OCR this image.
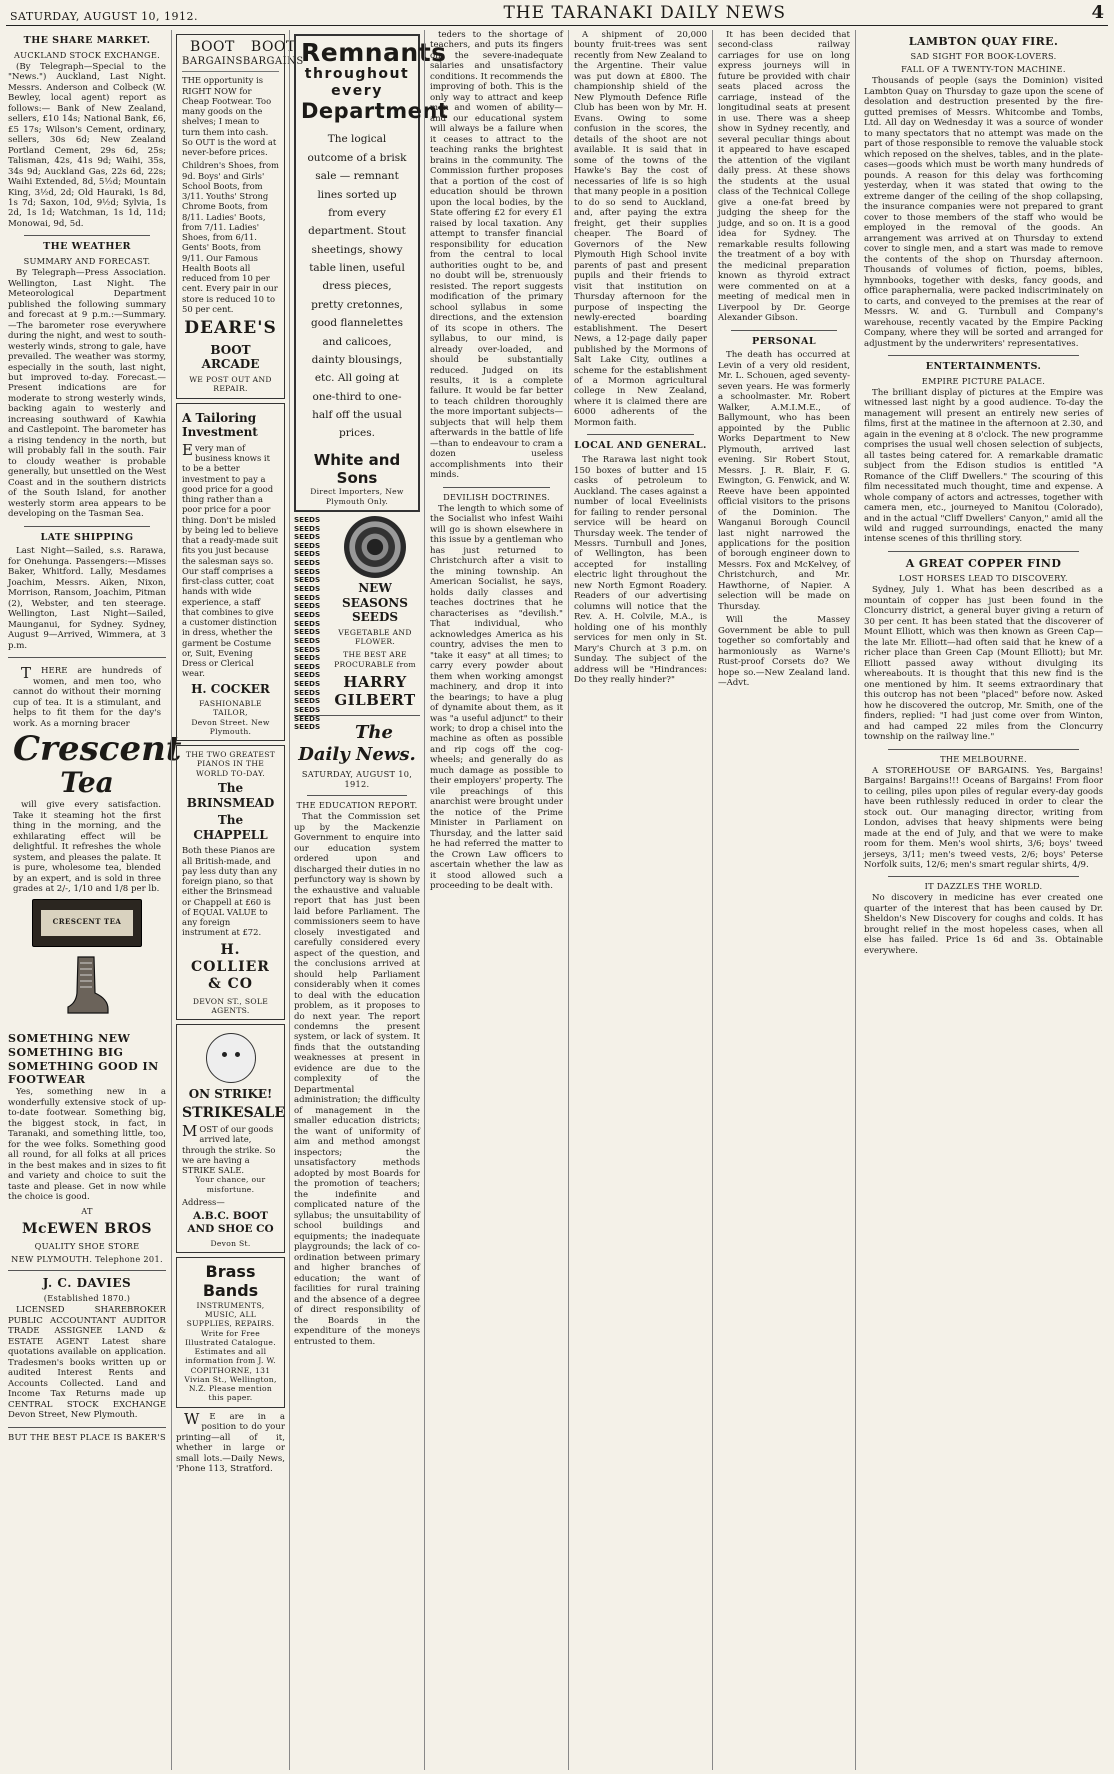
SATURDAY, AUGUST 10, 1912.	THE TARANAKI DAILY NEWS	4
THE SHARE MARKET.
AUCKLAND STOCK EXCHANGE.

(By Telegraph—Special to the "News.") Auckland, Last Night. Messrs. Anderson and Colbeck (W. Bewley, local agent) report as follows:— Bank of New Zealand, sellers, £10 14s; National Bank, £6, £5 17s; Wilson's Cement, ordinary, sellers, 30s 6d; New Zealand Portland Cement, 29s 6d, 25s; Talisman, 42s, 41s 9d; Waihi, 35s, 34s 9d; Auckland Gas, 22s 6d, 22s; Waihi Extended, 8d, 5½d; Mountain King, 3½d, 2d; Old Hauraki, 1s 8d, 1s 7d; Saxon, 10d, 9½d; Sylvia, 1s 2d, 1s 1d; Watchman, 1s 1d, 11d; Monowai, 9d, 5d.

THE WEATHER
SUMMARY AND FORECAST.

By Telegraph—Press Association. Wellington, Last Night. The Meteorological Department published the following summary and forecast at 9 p.m.:—Summary.—The barometer rose everywhere during the night, and west to south-westerly winds, strong to gale, have prevailed. The weather was stormy, especially in the south, last night, but improved to-day. Forecast.—Present indications are for moderate to strong westerly winds, backing again to westerly and increasing southward of Kawhia and Castlepoint. The barometer has a rising tendency in the north, but will probably fall in the south. Fair to cloudy weather is probable generally, but unsettled on the West Coast and in the southern districts of the South Island, for another westerly storm area appears to be developing on the Tasman Sea.

LATE SHIPPING

Last Night—Sailed, s.s. Rarawa, for Onehunga. Passengers:—Misses Baker, Whitford. Lally, Mesdames Joachim, Messrs. Aiken, Nixon, Morrison, Ransom, Joachim, Pitman (2), Webster, and ten steerage. Wellington, Last Night—Sailed, Maunganui, for Sydney. Sydney, August 9—Arrived, Wimmera, at 3 p.m.

THERE are hundreds of women, and men too, who cannot do without their morning cup of tea. It is a stimulant, and helps to fit them for the day's work. As a morning bracer

Crescent
Tea

will give every satisfaction. Take it steaming hot the first thing in the morning, and the exhilarating effect will be delightful. It refreshes the whole system, and pleases the palate. It is pure, wholesome tea, blended by an expert, and is sold in three grades at 2/-, 1/10 and 1/8 per lb.

CRESCENT TEA
SOMETHING NEW SOMETHING BIG SOMETHING GOOD IN FOOTWEAR

Yes, something new in a wonderfully extensive stock of up-to-date footwear. Something big, the biggest stock, in fact, in Taranaki, and something little, too, for the wee folks. Something good all round, for all folks at all prices in the best makes and in sizes to fit and variety and choice to suit the taste and please. Get in now while the choice is good.

AT
McEWEN BROS
QUALITY SHOE STORE
NEW PLYMOUTH. Telephone 201.
J. C. DAVIES
(Established 1870.)

LICENSED SHAREBROKER PUBLIC ACCOUNTANT AUDITOR TRADE ASSIGNEE LAND & ESTATE AGENT Latest share quotations available on application. Tradesmen's books written up or audited Interest Rents and Accounts Collected. Land and Income Tax Returns made up CENTRAL STOCK EXCHANGE Devon Street, New Plymouth.

BUT THE BEST PLACE IS BAKER'S
BOOT
BARGAINS
BOOT
BARGAINS

THE opportunity is RIGHT NOW for Cheap Footwear. Too many goods on the shelves; I mean to turn them into cash. So OUT is the word at never-before prices.

Children's Shoes, from 9d. Boys' and Girls' School Boots, from 3/11. Youths' Strong Chrome Boots, from 8/11. Ladies' Boots, from 7/11. Ladies' Shoes, from 6/11. Gents' Boots, from 9/11. Our Famous Health Boots all reduced from 10 per cent. Every pair in our store is reduced 10 to 50 per cent.

DEARE'S
BOOT ARCADE
WE POST OUT AND REPAIR.
A Tailoring Investment

Every man of business knows it to be a better investment to pay a good price for a good thing rather than a poor price for a poor thing. Don't be misled by being led to believe that a ready-made suit fits you just because the salesman says so. Our staff comprises a first-class cutter, coat hands with wide experience, a staff that combines to give a customer distinction in dress, whether the garment be Costume or, Suit, Evening Dress or Clerical wear.

H. COCKER
FASHIONABLE TAILOR,
Devon Street. New Plymouth.
THE TWO GREATEST PIANOS IN THE WORLD TO-DAY.
The BRINSMEAD
The CHAPPELL

Both these Pianos are all British-made, and pay less duty than any foreign piano, so that either the Brinsmead or Chappell at £60 is of EQUAL VALUE to any foreign instrument at £72.

H. COLLIER & CO
DEVON ST., SOLE AGENTS.
ON STRIKE!
STRIKE SALE

MOST of our goods arrived late, through the strike. So we are having a STRIKE SALE.

Your chance, our misfortune.
Address—
A.B.C. BOOT AND SHOE CO
Devon St.
Brass Bands
INSTRUMENTS, MUSIC, ALL SUPPLIES, REPAIRS. Write for Free Illustrated Catalogue. Estimates and all information from J. W. COPITHORNE, 131 Vivian St., Wellington, N.Z. Please mention this paper.

WE are in a position to do your printing—all of it, whether in large or small lots.—Daily News, 'Phone 113, Stratford.

Remnants
throughout every
Department

The logical outcome of a brisk sale — remnant lines sorted up from every department. Stout sheetings, showy table linen, useful dress pieces, pretty cretonnes, good flannelettes and calicoes, dainty blousings, etc. All going at one-third to one-half off the usual prices.

White and Sons
Direct Importers, New Plymouth Only.
SEEDS
SEEDS
SEEDS
SEEDS
SEEDS
SEEDS
SEEDS
SEEDS
SEEDS
SEEDS
SEEDS
SEEDS
SEEDS
SEEDS
SEEDS
SEEDS
SEEDS
SEEDS
SEEDS
SEEDS
SEEDS
SEEDS
SEEDS
SEEDS
SEEDS
NEW SEASONS SEEDS
VEGETABLE AND FLOWER.
THE BEST ARE PROCURABLE from
HARRY GILBERT
The Daily News.
SATURDAY, AUGUST 10, 1912.
THE EDUCATION REPORT.

That the Commission set up by the Mackenzie Government to enquire into our education system ordered upon and discharged their duties in no perfunctory way is shown by the exhaustive and valuable report that has just been laid before Parliament. The commissioners seem to have closely investigated and carefully considered every aspect of the question, and the conclusions arrived at should help Parliament considerably when it comes to deal with the education problem, as it proposes to do next year. The report condemns the present system, or lack of system. It finds that the outstanding weaknesses at present in evidence are due to the complexity of the Departmental administration; the difficulty of management in the smaller education districts; the want of uniformity of aim and method amongst inspectors; the unsatisfactory methods adopted by most Boards for the promotion of teachers; the indefinite and complicated nature of the syllabus; the unsuitability of school buildings and equipments; the inadequate playgrounds; the lack of co-ordination between primary and higher branches of education; the want of facilities for rural training and the absence of a degree of direct responsibility of the Boards in the expenditure of the moneys entrusted to them.

teders to the shortage of teachers, and puts its fingers on the severe-inadequate salaries and unsatisfactory conditions. It recommends the improving of both. This is the only way to attract and keep men and women of ability—and our educational system will always be a failure when it ceases to attract to the teaching ranks the brightest brains in the community. The Commission further proposes that a portion of the cost of education should be thrown upon the local bodies, by the State offering £2 for every £1 raised by local taxation. Any attempt to transfer financial responsibility for education from the central to local authorities ought to be, and no doubt will be, strenuously resisted. The report suggests modification of the primary school syllabus in some directions, and the extension of its scope in others. The syllabus, to our mind, is already over-loaded, and should be substantially reduced. Judged on its results, it is a complete failure. It would be far better to teach children thoroughly the more important subjects—subjects that will help them afterwards in the battle of life—than to endeavour to cram a dozen useless accomplishments into their minds.

DEVILISH DOCTRINES.

The length to which some of the Socialist who infest Waihi will go is shown elsewhere in this issue by a gentleman who has just returned to Christchurch after a visit to the mining township. An American Socialist, he says, holds daily classes and teaches doctrines that he characterises as "devilish." That individual, who acknowledges America as his country, advises the men to "take it easy" at all times; to carry every powder about them when working amongst machinery, and drop it into the bearings; to have a plug of dynamite about them, as it was "a useful adjunct" to their work; to drop a chisel into the machine as often as possible and rip cogs off the cog-wheels; and generally do as much damage as possible to their employers' property. The vile preachings of this anarchist were brought under the notice of the Prime Minister in Parliament on Thursday, and the latter said he had referred the matter to the Crown Law officers to ascertain whether the law as it stood allowed such a proceeding to be dealt with.

A shipment of 20,000 bounty fruit-trees was sent recently from New Zealand to the Argentine. Their value was put down at £800. The championship shield of the New Plymouth Defence Rifle Club has been won by Mr. H. Evans. Owing to some confusion in the scores, the details of the shoot are not available. It is said that in some of the towns of the Hawke's Bay the cost of necessaries of life is so high that many people in a position to do so send to Auckland, and, after paying the extra freight, get their supplies cheaper. The Board of Governors of the New Plymouth High School invite parents of past and present pupils and their friends to visit that institution on Thursday afternoon for the purpose of inspecting the newly-erected boarding establishment. The Desert News, a 12-page daily paper published by the Mormons of Salt Lake City, outlines a scheme for the establishment of a Mormon agricultural college in New Zealand, where it is claimed there are 6000 adherents of the Mormon faith.

LOCAL AND GENERAL.

The Rarawa last night took 150 boxes of butter and 15 casks of petroleum to Auckland. The cases against a number of local Eveelinists for failing to render personal service will be heard on Thursday week. The tender of Messrs. Turnbull and Jones, of Wellington, has been accepted for installing electric light throughout the new North Egmont Roadery. Readers of our advertising columns will notice that the Rev. A. H. Colvile, M.A., is holding one of his monthly services for men only in St. Mary's Church at 3 p.m. on Sunday. The subject of the address will be "Hindrances: Do they really hinder?"

It has been decided that second-class railway carriages for use on long express journeys will in future be provided with chair seats placed across the carriage, instead of the longitudinal seats at present in use. There was a sheep show in Sydney recently, and several peculiar things about it appeared to have escaped the attention of the vigilant daily press. At these shows the students at the usual class of the Technical College give a one-fat breed by judging the sheep for the judge, and so on. It is a good idea for Sydney. The remarkable results following the treatment of a boy with the medicinal preparation known as thyroid extract were commented on at a meeting of medical men in Liverpool by Dr. George Alexander Gibson.

PERSONAL

The death has occurred at Levin of a very old resident, Mr. L. Schouen, aged seventy-seven years. He was formerly a schoolmaster. Mr. Robert Walker, A.M.I.M.E., of Ballymount, who has been appointed by the Public Works Department to New Plymouth, arrived last evening. Sir Robert Stout, Messrs. J. R. Blair, F. G. Ewington, G. Fenwick, and W. Reeve have been appointed official visitors to the prisons of the Dominion. The Wanganui Borough Council last night narrowed the applications for the position of borough engineer down to Messrs. Fox and McKelvey, of Christchurch, and Mr. Hawthorne, of Napier. A selection will be made on Thursday.

Will the Massey Government be able to pull together so comfortably and harmoniously as Warne's Rust-proof Corsets do? We hope so.—New Zealand land.—Advt.

LAMBTON QUAY FIRE.
SAD SIGHT FOR BOOK-LOVERS.
FALL OF A TWENTY-TON MACHINE.

Thousands of people (says the Dominion) visited Lambton Quay on Thursday to gaze upon the scene of desolation and destruction presented by the fire-gutted premises of Messrs. Whitcombe and Tombs, Ltd. All day on Wednesday it was a source of wonder to many spectators that no attempt was made on the part of those responsible to remove the valuable stock which reposed on the shelves, tables, and in the plate-cases—goods which must be worth many hundreds of pounds. A reason for this delay was forthcoming yesterday, when it was stated that owing to the extreme danger of the ceiling of the shop collapsing, the insurance companies were not prepared to grant cover to those members of the staff who would be employed in the removal of the goods. An arrangement was arrived at on Thursday to extend cover to single men, and a start was made to remove the contents of the shop on Thursday afternoon. Thousands of volumes of fiction, poems, bibles, hymnbooks, together with desks, fancy goods, and office paraphernalia, were packed indiscriminately on to carts, and conveyed to the premises at the rear of Messrs. W. and G. Turnbull and Company's warehouse, recently vacated by the Empire Packing Company, where they will be sorted and arranged for adjustment by the underwriters' representatives.

ENTERTAINMENTS.
EMPIRE PICTURE PALACE.

The brilliant display of pictures at the Empire was witnessed last night by a good audience. To-day the management will present an entirely new series of films, first at the matinee in the afternoon at 2.30, and again in the evening at 8 o'clock. The new programme comprises the usual well chosen selection of subjects, all tastes being catered for. A remarkable dramatic subject from the Edison studios is entitled "A Romance of the Cliff Dwellers." The scouring of this film necessitated much thought, time and expense. A whole company of actors and actresses, together with camera men, etc., journeyed to Manitou (Colorado), and in the actual "Cliff Dwellers' Canyon," amid all the wild and rugged surroundings, enacted the many intense scenes of this thrilling story.

A GREAT COPPER FIND
LOST HORSES LEAD TO DISCOVERY.

Sydney, July 1. What has been described as a mountain of copper has just been found in the Cloncurry district, a general buyer giving a return of 30 per cent. It has been stated that the discoverer of Mount Elliott, which was then known as Green Cap—the late Mr. Elliott—had often said that he knew of a richer place than Green Cap (Mount Elliott); but Mr. Elliott passed away without divulging its whereabouts. It is thought that this new find is the one mentioned by him. It seems extraordinary that this outcrop has not been "placed" before now. Asked how he discovered the outcrop, Mr. Smith, one of the finders, replied: "I had just come over from Winton, and had camped 22 miles from the Cloncurry township on the railway line."

THE MELBOURNE.

A STOREHOUSE OF BARGAINS. Yes, Bargains! Bargains! Bargains!!! Oceans of Bargains! From floor to ceiling, piles upon piles of regular every-day goods have been ruthlessly reduced in order to clear the stock out. Our managing director, writing from London, advises that heavy shipments were being made at the end of July, and that we were to make room for them. Men's wool shirts, 3/6; boys' tweed jerseys, 3/11; men's tweed vests, 2/6; boys' Peterse Norfolk suits, 12/6; men's smart regular shirts, 4/9.

IT DAZZLES THE WORLD.

No discovery in medicine has ever created one quarter of the interest that has been caused by Dr. Sheldon's New Discovery for coughs and colds. It has brought relief in the most hopeless cases, when all else has failed. Price 1s 6d and 3s. Obtainable everywhere.
